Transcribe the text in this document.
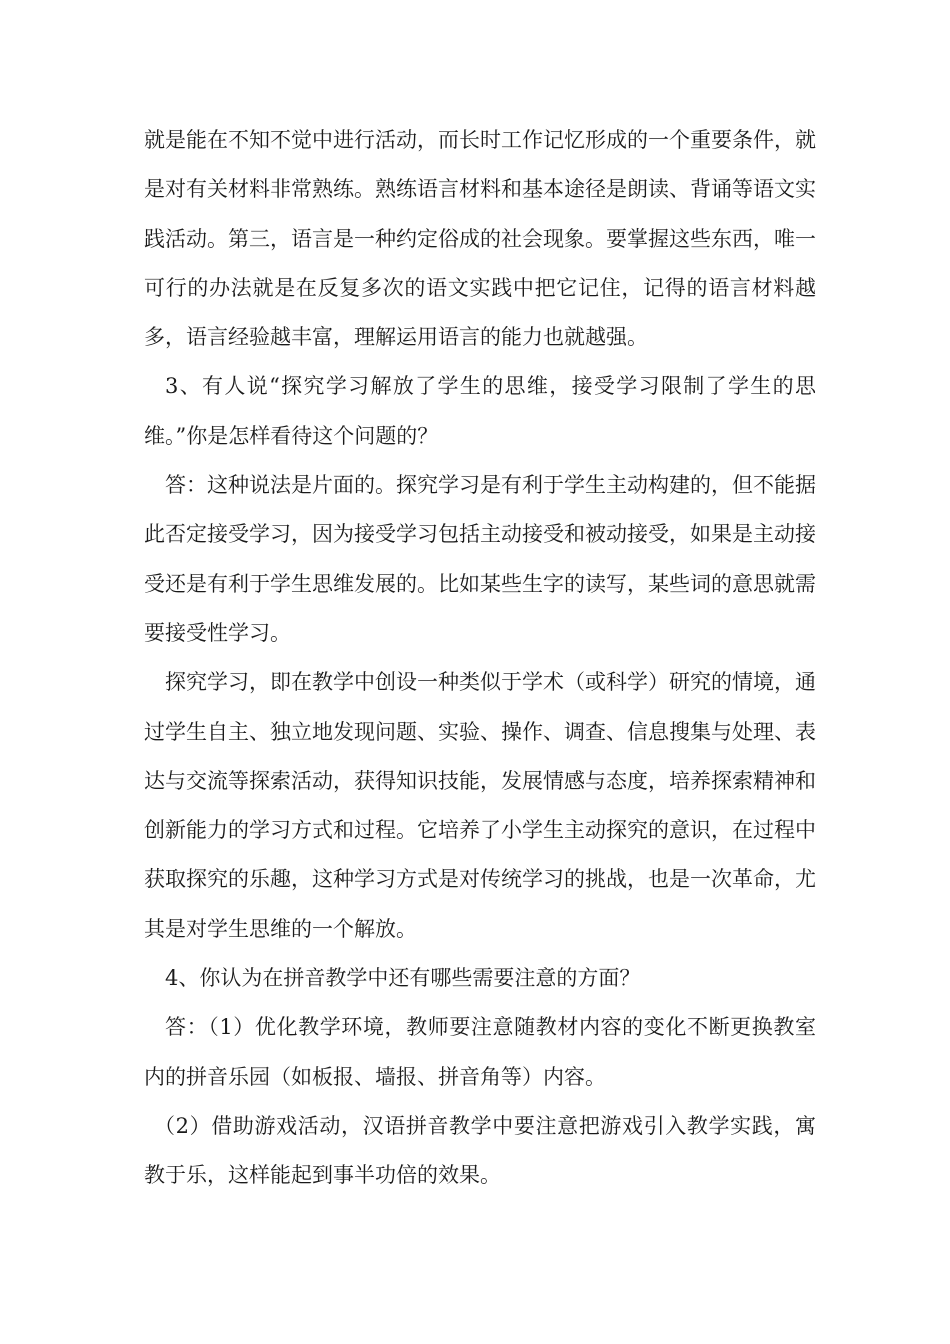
就是能在不知不觉中进行活动，而长时工作记忆形成的一个重要条件，就是对有关材料非常熟练。熟练语言材料和基本途径是朗读、背诵等语文实践活动。第三，语言是一种约定俗成的社会现象。要掌握这些东西，唯一可行的办法就是在反复多次的语文实践中把它记住，记得的语言材料越多，语言经验越丰富，理解运用语言的能力也就越强。

3、有人说“探究学习解放了学生的思维，接受学习限制了学生的思维。”你是怎样看待这个问题的？

答：这种说法是片面的。探究学习是有利于学生主动构建的，但不能据此否定接受学习，因为接受学习包括主动接受和被动接受，如果是主动接受还是有利于学生思维发展的。比如某些生字的读写，某些词的意思就需要接受性学习。

探究学习，即在教学中创设一种类似于学术（或科学）研究的情境，通过学生自主、独立地发现问题、实验、操作、调查、信息搜集与处理、表达与交流等探索活动，获得知识技能，发展情感与态度，培养探索精神和创新能力的学习方式和过程。它培养了小学生主动探究的意识，在过程中获取探究的乐趣，这种学习方式是对传统学习的挑战，也是一次革命，尤其是对学生思维的一个解放。

4、你认为在拼音教学中还有哪些需要注意的方面？

答：（1）优化教学环境，教师要注意随教材内容的变化不断更换教室内的拼音乐园（如板报、墙报、拼音角等）内容。

（2）借助游戏活动，汉语拼音教学中要注意把游戏引入教学实践，寓教于乐，这样能起到事半功倍的效果。
